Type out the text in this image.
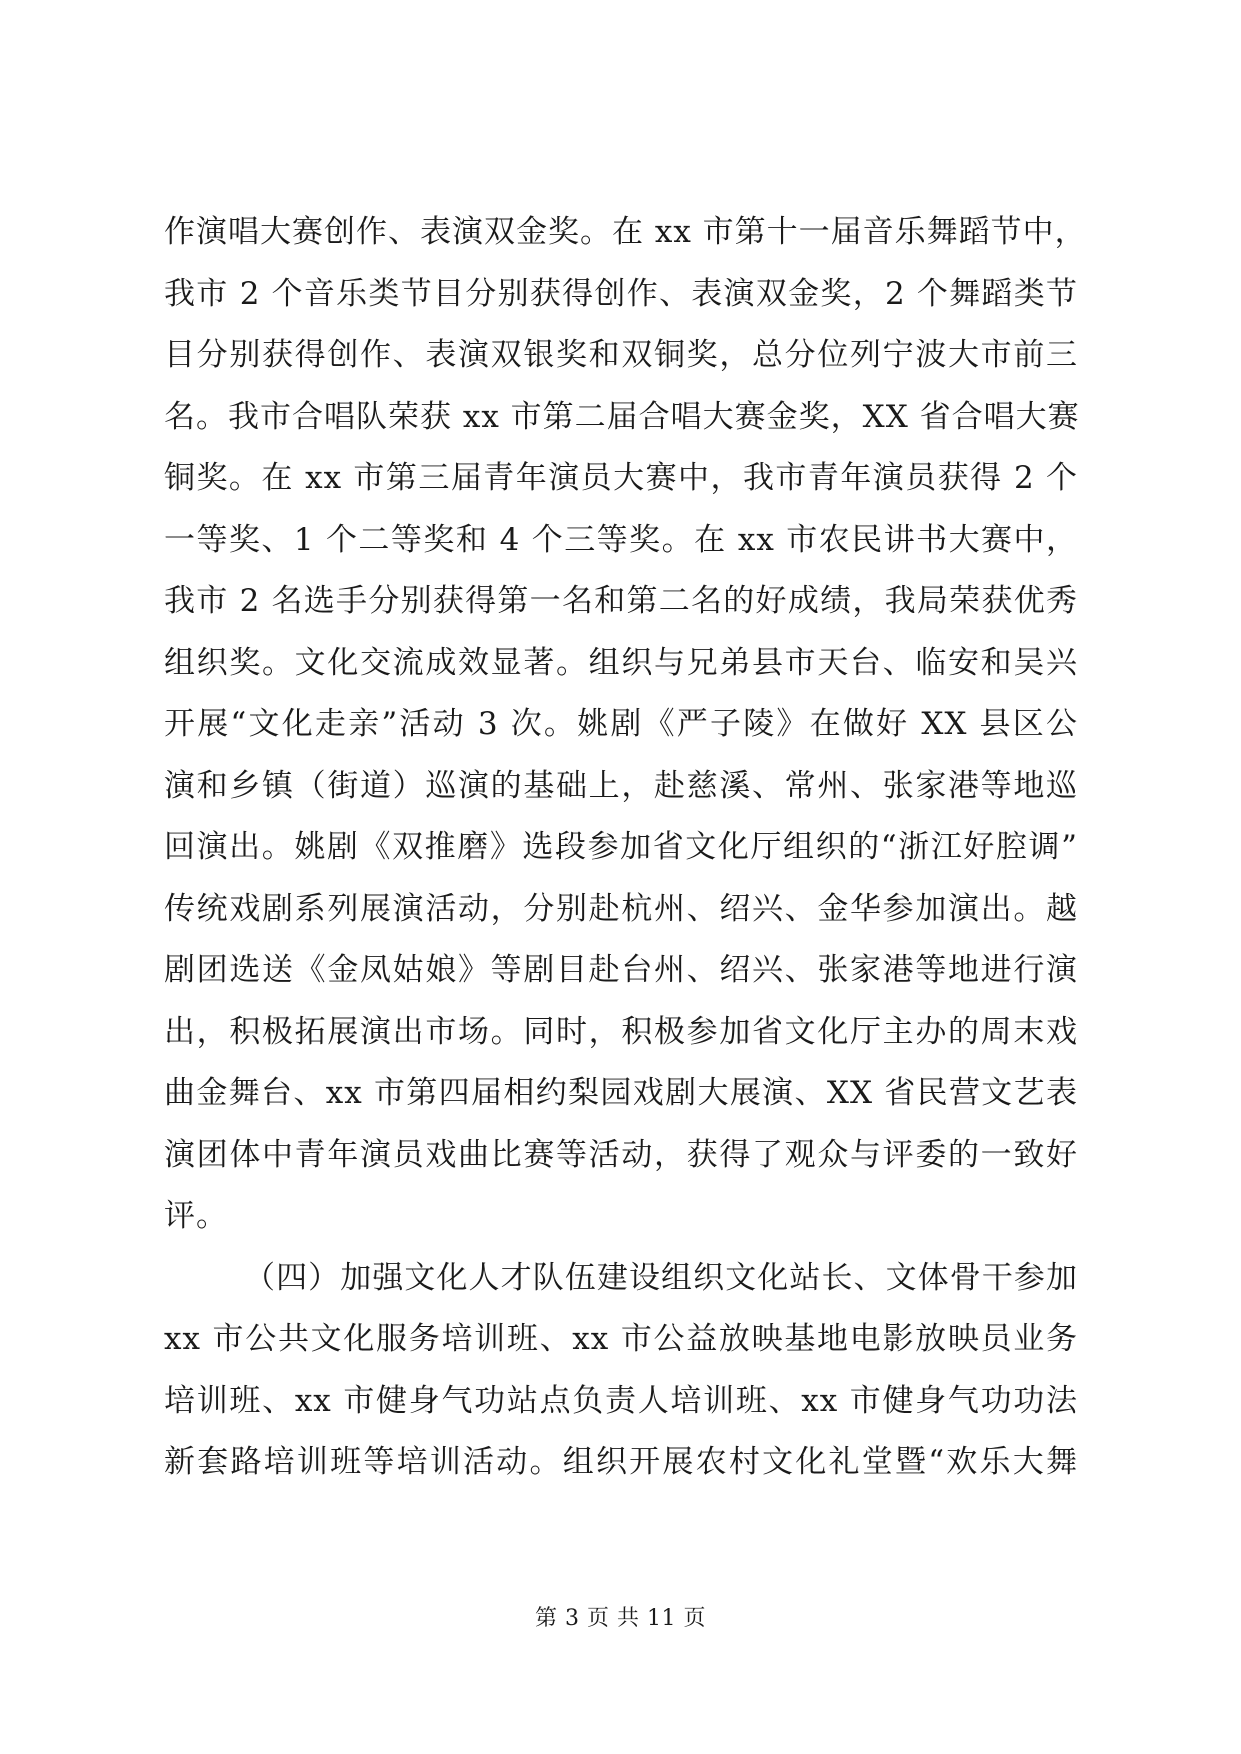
作演唱大赛创作、表演双金奖。在 xx 市第十一届音乐舞蹈节中，
我市 2 个音乐类节目分别获得创作、表演双金奖，2 个舞蹈类节
目分别获得创作、表演双银奖和双铜奖，总分位列宁波大市前三
名。我市合唱队荣获 xx 市第二届合唱大赛金奖，XX 省合唱大赛
铜奖。在 xx 市第三届青年演员大赛中，我市青年演员获得 2 个
一等奖、1 个二等奖和 4 个三等奖。在 xx 市农民讲书大赛中，
我市 2 名选手分别获得第一名和第二名的好成绩，我局荣获优秀
组织奖。文化交流成效显著。组织与兄弟县市天台、临安和吴兴
开展“文化走亲”活动 3 次。姚剧《严子陵》在做好 XX 县区公
演和乡镇（街道）巡演的基础上，赴慈溪、常州、张家港等地巡
回演出。姚剧《双推磨》选段参加省文化厅组织的“浙江好腔调”
传统戏剧系列展演活动，分别赴杭州、绍兴、金华参加演出。越
剧团选送《金凤姑娘》等剧目赴台州、绍兴、张家港等地进行演
出，积极拓展演出市场。同时，积极参加省文化厅主办的周末戏
曲金舞台、xx 市第四届相约梨园戏剧大展演、XX 省民营文艺表
演团体中青年演员戏曲比赛等活动，获得了观众与评委的一致好
评。
（四）加强文化人才队伍建设组织文化站长、文体骨干参加
xx 市公共文化服务培训班、xx 市公益放映基地电影放映员业务
培训班、xx 市健身气功站点负责人培训班、xx 市健身气功功法
新套路培训班等培训活动。组织开展农村文化礼堂暨“欢乐大舞
第 3 页 共 11 页
